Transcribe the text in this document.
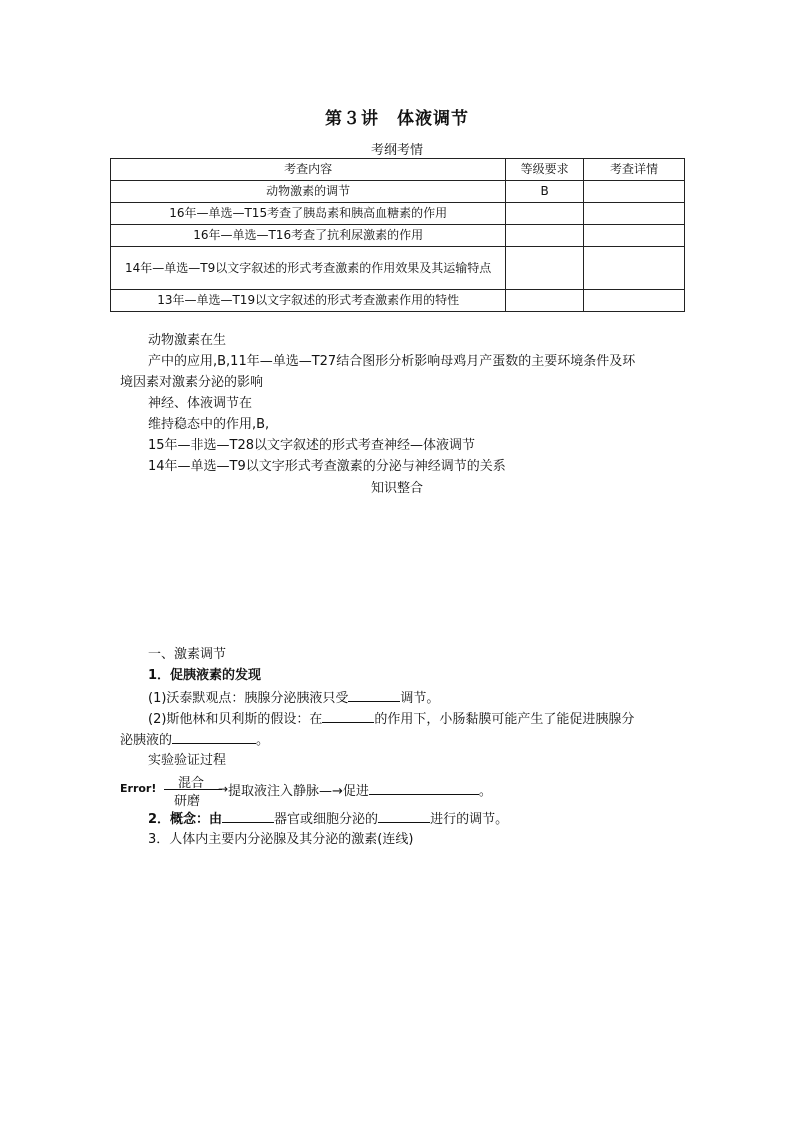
第３讲　体液调节
考纲考情
考查内容	等级要求	考查详情
动物激素的调节	B	
16年—单选—T15考查了胰岛素和胰高血糖素的作用		
16年—单选—T16考查了抗利尿激素的作用		
14年—单选—T9以文字叙述的形式考查激素的作用效果及其运输特点		
13年—单选—T19以文字叙述的形式考查激素作用的特性		
动物激素在生
产中的应用,B,11年—单选—T27结合图形分析影响母鸡月产蛋数的主要环境条件及环
境因素对激素分泌的影响
神经、体液调节在
维持稳态中的作用,B,
15年—非选—T28以文字叙述的形式考查神经—体液调节
14年—单选—T9以文字形式考查激素的分泌与神经调节的关系
知识整合
一、激素调节
1．促胰液素的发现
(1)沃泰默观点：胰腺分泌胰液只受	调节。
(2)斯他林和贝利斯的假设：在	的作用下，小肠黏膜可能产生了能促进胰腺分
泌胰液的	。
实验验证过程
Error! 混合 →
研磨
提取液注入静脉—→促进	。
2．概念：由	器官或细胞分泌的	进行的调节。
3．人体内主要内分泌腺及其分泌的激素(连线)
